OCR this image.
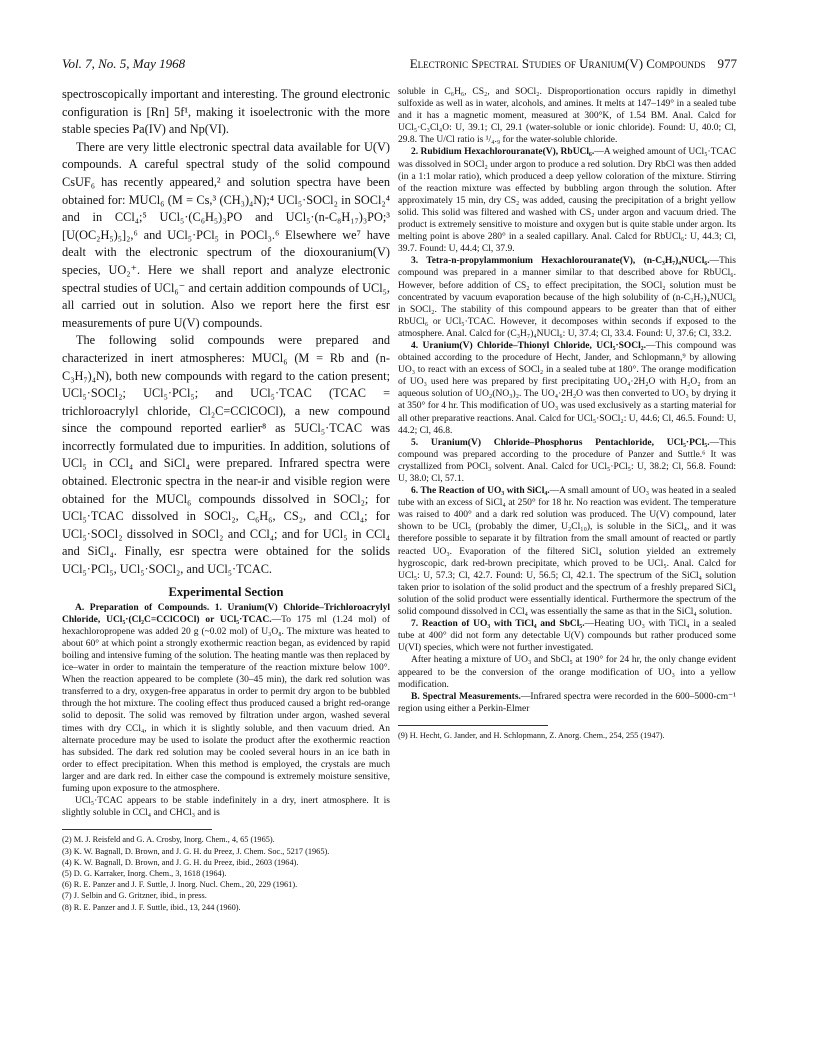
Vol. 7, No. 5, May 1968	Electronic Spectral Studies of Uranium(V) Compounds 977

spectroscopically important and interesting. The ground electronic configuration is [Rn] 5f¹, making it isoelectronic with the more stable species Pa(IV) and Np(VI).

There are very little electronic spectral data available for U(V) compounds. A careful spectral study of the solid compound CsUF₆ has recently appeared,² and solution spectra have been obtained for: MUCl₆ (M = Cs,³ (CH₃)₄N);⁴ UCl₅·SOCl₂ in SOCl₂⁴ and in CCl₄;⁵ UCl₅·(C₆H₅)₃PO and UCl₅·(n-C₈H₁₇)₃PO;³ [U(OC₂H₅)₅]₂,⁶ and UCl₅·PCl₅ in POCl₃.⁶ Elsewhere we⁷ have dealt with the electronic spectrum of the dioxouranium(V) species, UO₂⁺. Here we shall report and analyze electronic spectral studies of UCl₆⁻ and certain addition compounds of UCl₅, all carried out in solution. Also we report here the first esr measurements of pure U(V) compounds.

The following solid compounds were prepared and characterized in inert atmospheres: MUCl₆ (M = Rb and (n-C₃H₇)₄N), both new compounds with regard to the cation present; UCl₅·SOCl₂; UCl₅·PCl₅; and UCl₅·TCAC (TCAC = trichloroacrylyl chloride, Cl₂C=CClCOCl), a new compound since the compound reported earlier⁸ as 5UCl₅·TCAC was incorrectly formulated due to impurities. In addition, solutions of UCl₅ in CCl₄ and SiCl₄ were prepared. Infrared spectra were obtained. Electronic spectra in the near-ir and visible region were obtained for the MUCl₆ compounds dissolved in SOCl₂; for UCl₅·TCAC dissolved in SOCl₂, C₆H₆, CS₂, and CCl₄; for UCl₅·SOCl₂ dissolved in SOCl₂ and CCl₄; and for UCl₅ in CCl₄ and SiCl₄. Finally, esr spectra were obtained for the solids UCl₅·PCl₅, UCl₅·SOCl₂, and UCl₅·TCAC.

Experimental Section

A. Preparation of Compounds. 1. Uranium(V) Chloride–Trichloroacrylyl Chloride, UCl₅·(Cl₂C=CClCOCl) or UCl₅·TCAC.—To 175 ml (1.24 mol) of hexachloropropene was added 20 g (~0.02 mol) of U₃O₈. The mixture was heated to about 60° at which point a strongly exothermic reaction began, as evidenced by rapid boiling and intensive fuming of the solution. The heating mantle was then replaced by ice–water in order to maintain the temperature of the reaction mixture below 100°. When the reaction appeared to be complete (30–45 min), the dark red solution was transferred to a dry, oxygen-free apparatus in order to permit dry argon to be bubbled through the hot mixture. The cooling effect thus produced caused a bright red-orange solid to deposit. The solid was removed by filtration under argon, washed several times with dry CCl₄, in which it is slightly soluble, and then vacuum dried. An alternate procedure may be used to isolate the product after the exothermic reaction has subsided. The dark red solution may be cooled several hours in an ice bath in order to effect precipitation. When this method is employed, the crystals are much larger and are dark red. In either case the compound is extremely moisture sensitive, fuming upon exposure to the atmosphere.

UCl₅·TCAC appears to be stable indefinitely in a dry, inert atmosphere. It is slightly soluble in CCl₄ and CHCl₃ and is

(2) M. J. Reisfeld and G. A. Crosby, Inorg. Chem., 4, 65 (1965).

(3) K. W. Bagnall, D. Brown, and J. G. H. du Preez, J. Chem. Soc., 5217 (1965).

(4) K. W. Bagnall, D. Brown, and J. G. H. du Preez, ibid., 2603 (1964).

(5) D. G. Karraker, Inorg. Chem., 3, 1618 (1964).

(6) R. E. Panzer and J. F. Suttle, J. Inorg. Nucl. Chem., 20, 229 (1961).

(7) J. Selbin and G. Gritzner, ibid., in press.

(8) R. E. Panzer and J. F. Suttle, ibid., 13, 244 (1960).

soluble in C₆H₆, CS₂, and SOCl₂. Disproportionation occurs rapidly in dimethyl sulfoxide as well as in water, alcohols, and amines. It melts at 147–149° in a sealed tube and it has a magnetic moment, measured at 300°K, of 1.54 BM. Anal. Calcd for UCl₅·C₃Cl₄O: U, 39.1; Cl, 29.1 (water-soluble or ionic chloride). Found: U, 40.0; Cl, 29.8. The U/Cl ratio is ¹/₄.₉ for the water-soluble chloride.

2. Rubidium Hexachlorouranate(V), RbUCl₆.—A weighed amount of UCl₅·TCAC was dissolved in SOCl₂ under argon to produce a red solution. Dry RbCl was then added (in a 1:1 molar ratio), which produced a deep yellow coloration of the mixture. Stirring of the reaction mixture was effected by bubbling argon through the solution. After approximately 15 min, dry CS₂ was added, causing the precipitation of a bright yellow solid. This solid was filtered and washed with CS₂ under argon and vacuum dried. The product is extremely sensitive to moisture and oxygen but is quite stable under argon. Its melting point is above 280° in a sealed capillary. Anal. Calcd for RbUCl₆: U, 44.3; Cl, 39.7. Found: U, 44.4; Cl, 37.9.

3. Tetra-n-propylammonium Hexachlorouranate(V), (n-C₃H₇)₄NUCl₆.—This compound was prepared in a manner similar to that described above for RbUCl₆. However, before addition of CS₂ to effect precipitation, the SOCl₂ solution must be concentrated by vacuum evaporation because of the high solubility of (n-C₃H₇)₄NUCl₆ in SOCl₂. The stability of this compound appears to be greater than that of either RbUCl₆ or UCl₅·TCAC. However, it decomposes within seconds if exposed to the atmosphere. Anal. Calcd for (C₃H₇)₄NUCl₆: U, 37.4; Cl, 33.4. Found: U, 37.6; Cl, 33.2.

4. Uranium(V) Chloride–Thionyl Chloride, UCl₅·SOCl₂.—This compound was obtained according to the procedure of Hecht, Jander, and Schlopmann,⁹ by allowing UO₃ to react with an excess of SOCl₂ in a sealed tube at 180°. The orange modification of UO₃ used here was prepared by first precipitating UO₄·2H₂O with H₂O₂ from an aqueous solution of UO₂(NO₃)₂. The UO₄·2H₂O was then converted to UO₃ by drying it at 350° for 4 hr. This modification of UO₃ was used exclusively as a starting material for all other preparative reactions. Anal. Calcd for UCl₅·SOCl₂: U, 44.6; Cl, 46.5. Found: U, 44.2; Cl, 46.8.

5. Uranium(V) Chloride–Phosphorus Pentachloride, UCl₅·PCl₅.—This compound was prepared according to the procedure of Panzer and Suttle.⁶ It was crystallized from POCl₃ solvent. Anal. Calcd for UCl₅·PCl₅: U, 38.2; Cl, 56.8. Found: U, 38.0; Cl, 57.1.

6. The Reaction of UO₃ with SiCl₄.—A small amount of UO₃ was heated in a sealed tube with an excess of SiCl₄ at 250° for 18 hr. No reaction was evident. The temperature was raised to 400° and a dark red solution was produced. The U(V) compound, later shown to be UCl₅ (probably the dimer, U₂Cl₁₀), is soluble in the SiCl₄, and it was therefore possible to separate it by filtration from the small amount of reacted or partly reacted UO₃. Evaporation of the filtered SiCl₄ solution yielded an extremely hygroscopic, dark red-brown precipitate, which proved to be UCl₅. Anal. Calcd for UCl₅: U, 57.3; Cl, 42.7. Found: U, 56.5; Cl, 42.1. The spectrum of the SiCl₄ solution taken prior to isolation of the solid product and the spectrum of a freshly prepared SiCl₄ solution of the solid product were essentially identical. Furthermore the spectrum of the solid compound dissolved in CCl₄ was essentially the same as that in the SiCl₄ solution.

7. Reaction of UO₃ with TiCl₄ and SbCl₅.—Heating UO₃ with TiCl₄ in a sealed tube at 400° did not form any detectable U(V) compounds but rather produced some U(VI) species, which were not further investigated.

After heating a mixture of UO₃ and SbCl₅ at 190° for 24 hr, the only change evident appeared to be the conversion of the orange modification of UO₃ into a yellow modification.

B. Spectral Measurements.—Infrared spectra were recorded in the 600–5000-cm⁻¹ region using either a Perkin-Elmer

(9) H. Hecht, G. Jander, and H. Schlopmann, Z. Anorg. Chem., 254, 255 (1947).
